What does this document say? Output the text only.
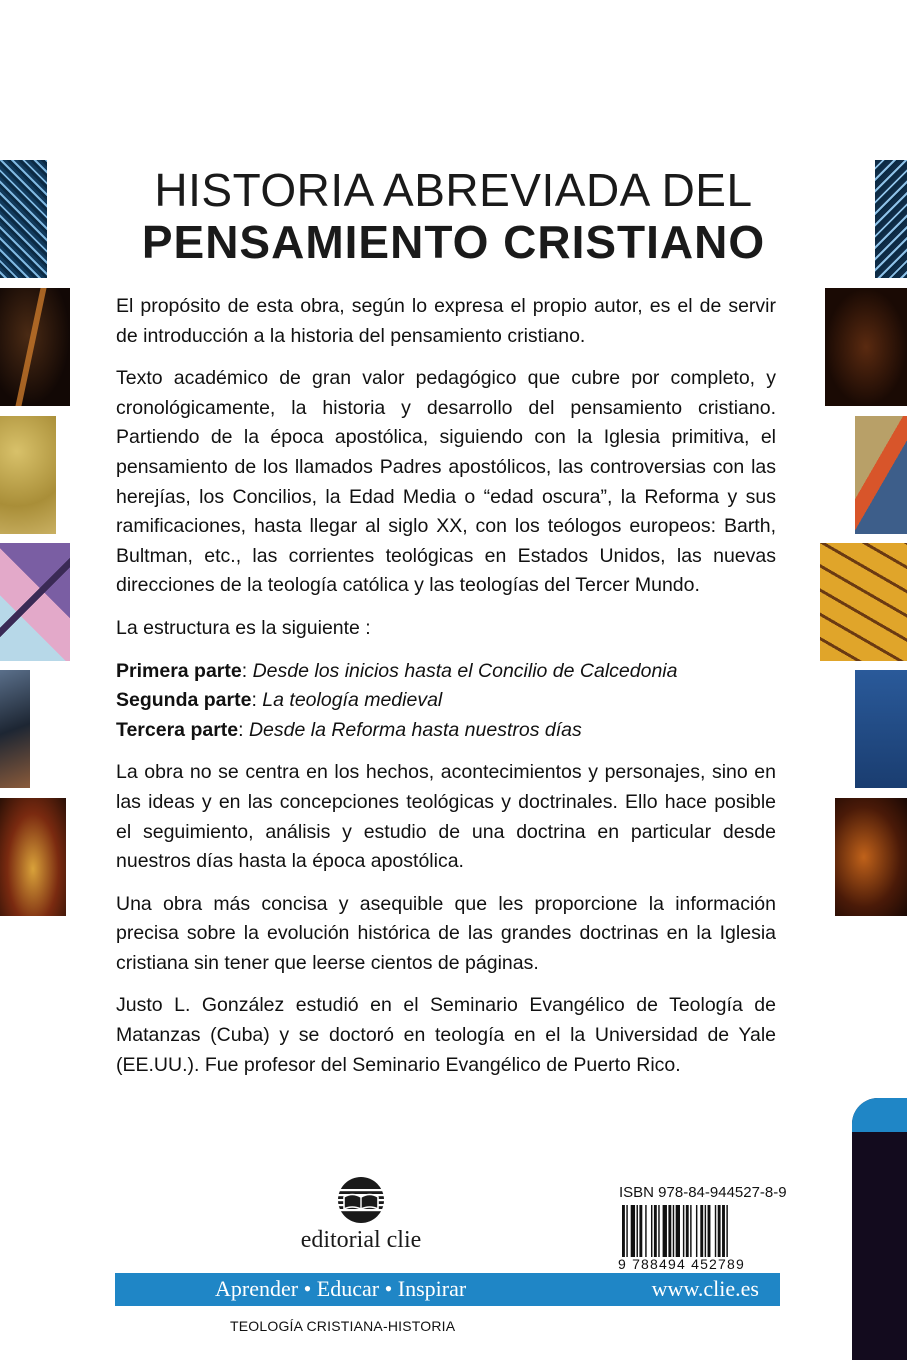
HISTORIA ABREVIADA DEL
PENSAMIENTO CRISTIANO

El propósito de esta obra, según lo expresa el propio autor, es el de servir de introducción a la historia del pensamiento cristiano.

Texto académico de gran valor pedagógico que cubre por completo, y cronológicamente, la historia y desarrollo del pensamiento cristiano. Partiendo de la época apostólica, siguiendo con la Iglesia primitiva, el pensamiento de los llamados Padres apostólicos, las controversias con las herejías, los Concilios, la Edad Media o “edad oscura”, la Reforma y sus ramificaciones, hasta llegar al siglo XX, con los teólogos europeos: Barth, Bultman, etc., las corrientes teológicas en Estados Unidos, las nuevas direcciones de la teología católica y las teologías del Tercer Mundo.

La estructura es la siguiente :

Primera parte: Desde los inicios hasta el Concilio de Calcedonia
Segunda parte: La teología medieval
Tercera parte: Desde la Reforma hasta nuestros días

La obra no se centra en los hechos, acontecimientos y personajes, sino en las ideas y en las concepciones teológicas y doctrinales. Ello hace posible el seguimiento, análisis y estudio de una doctrina en particular desde nuestros días hasta la época apostólica.

Una obra más concisa y asequible que les proporcione la información precisa sobre la evolución histórica de las grandes doctrinas en la Iglesia cristiana sin tener que leerse cientos de páginas.

Justo L. González estudió en el Seminario Evangélico de Teología de Matanzas (Cuba) y se doctoró en teología en el la Universidad de Yale (EE.UU.). Fue profesor del Seminario Evangélico de Puerto Rico.

editorial clie
ISBN 978-84-944527-8-9
9 788494 452789
Aprender • Educar • Inspirar	www.clie.es
TEOLOGÍA CRISTIANA-HISTORIA
